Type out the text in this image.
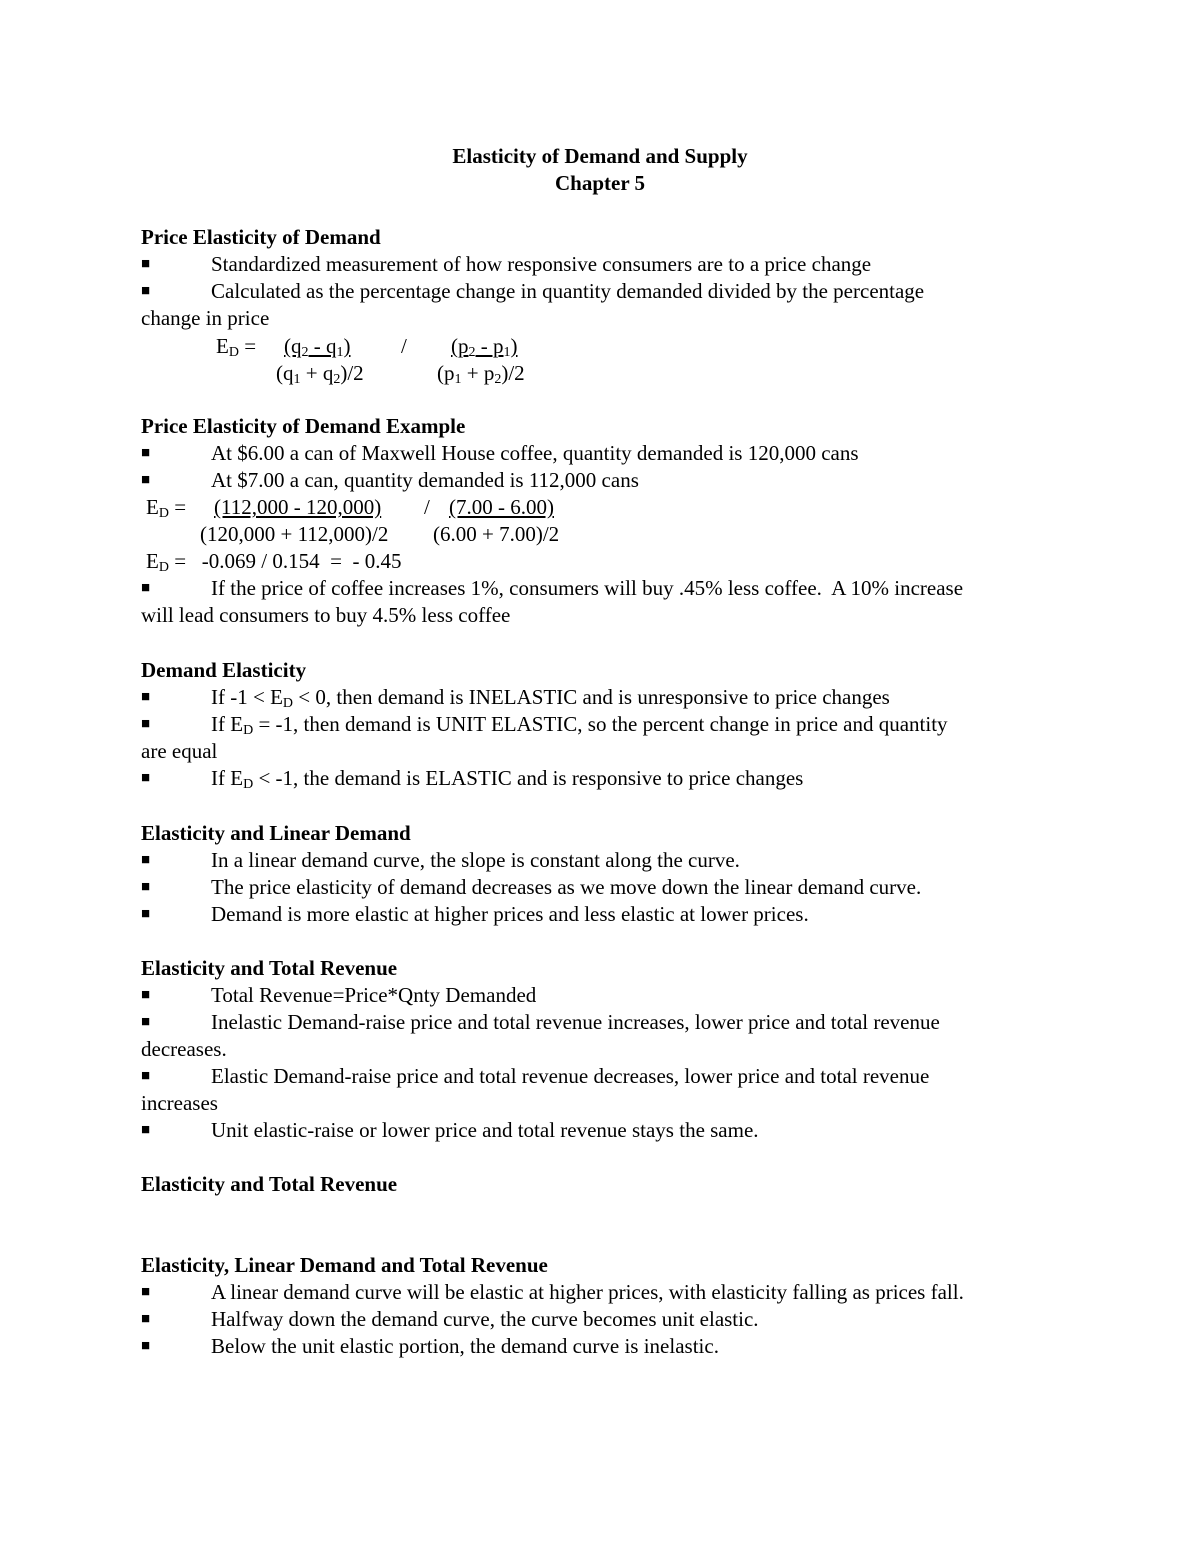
Elasticity of Demand and Supply
Chapter 5
Price Elasticity of Demand
■	Standardized measurement of how responsive consumers are to a price change
■	Calculated as the percentage change in quantity demanded divided by the percentage
change in price
$E_D = (q_2 - q_1) / (p_2 - p_1)$
$(q_1 + q_2)/2$	$(p_1 + p_2)/2$
Price Elasticity of Demand Example
■	At $6.00 a can of Maxwell House coffee, quantity demanded is 120,000 cans
■	At $7.00 a can, quantity demanded is 112,000 cans
$E_D = (112,000 - 120,000) / (7.00 - 6.00)$
(120,000 + 112,000)/2 (6.00 + 7.00)/2
$E_D = -0.069 / 0.154$  =  - 0.45
■	If the price of coffee increases 1%, consumers will buy .45% less coffee.  A 10% increase
will lead consumers to buy 4.5% less coffee
Demand Elasticity
■	If $-1 < E_D < 0$, then demand is INELASTIC and is unresponsive to price changes
■	If $E_D = -1$, then demand is UNIT ELASTIC, so the percent change in price and quantity
are equal
■	If $E_D < -1$, the demand is ELASTIC and is responsive to price changes
Elasticity and Linear Demand
■	In a linear demand curve, the slope is constant along the curve.
■	The price elasticity of demand decreases as we move down the linear demand curve.
■	Demand is more elastic at higher prices and less elastic at lower prices.
Elasticity and Total Revenue
■	Total Revenue=Price*Qnty Demanded
■	Inelastic Demand-raise price and total revenue increases, lower price and total revenue
decreases.
■	Elastic Demand-raise price and total revenue decreases, lower price and total revenue
increases
■	Unit elastic-raise or lower price and total revenue stays the same.
Elasticity and Total Revenue
Elasticity, Linear Demand and Total Revenue
■	A linear demand curve will be elastic at higher prices, with elasticity falling as prices fall.
■	Halfway down the demand curve, the curve becomes unit elastic.
■	Below the unit elastic portion, the demand curve is inelastic.
